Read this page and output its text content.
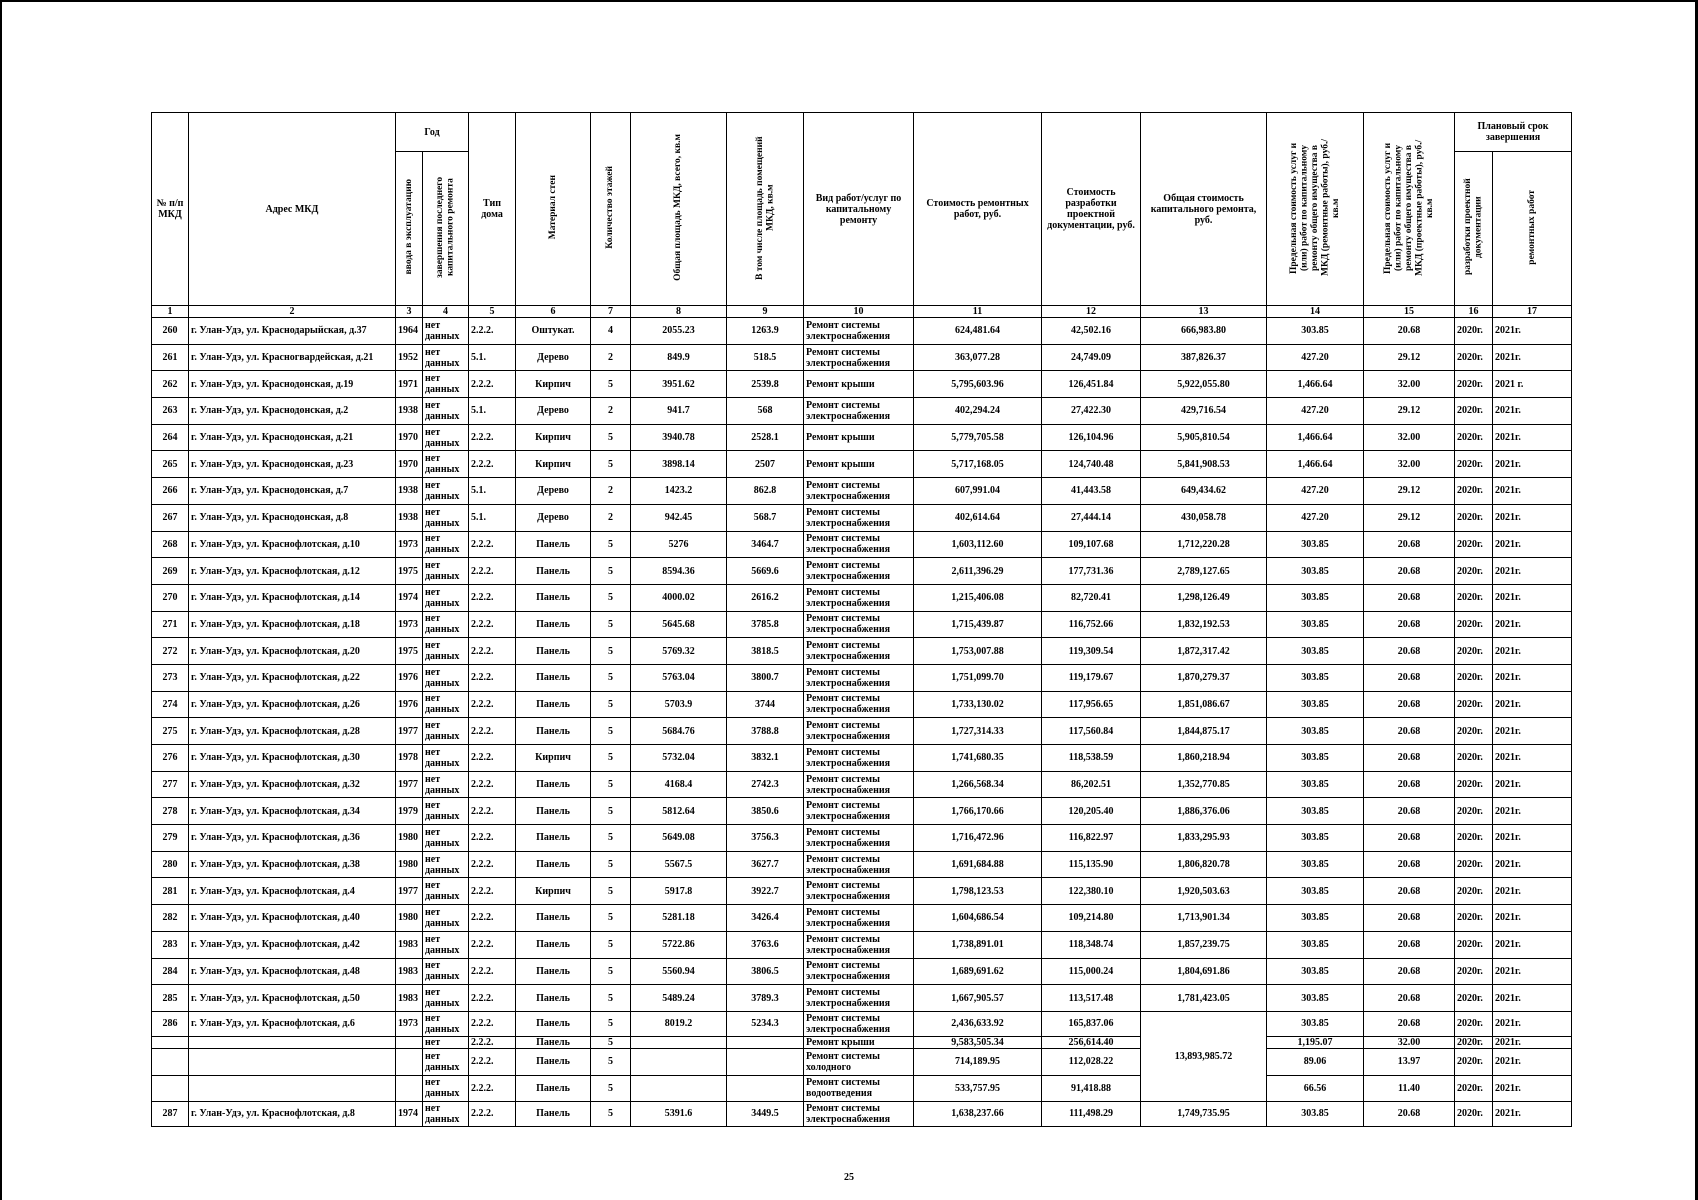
№ п/п МКД	Адрес МКД	Год		Тип дома	Материал стен	Количество этажей	Общая площадь МКД, всего, кв.м	В том числе площадь помещений МКД, кв.м	Вид работ/услуг по капитальному ремонту	Стоимость ремонтных работ, руб.	Стоимость разработки проектной документации, руб.	Общая стоимость капитального ремонта, руб.	Предельная стоимость услуг и (или) работ по капитальному ремонту общего имущества в МКД (ремонтные работы), руб./кв.м	Предельная стоимость услуг и (или) работ по капитальному ремонту общего имущества в МКД (проектные работы), руб./кв.м	Плановый срок завершения	
		ввода в эксплуатацию	завершения последнего капитального ремонта												разработки проектной документации	ремонтных работ
1	2	3	4	5	6	7	8	9	10	11	12	13	14	15	16	17
260	г. Улан-Удэ, ул. Краснодарыйская, д.37	1964	нет данных	2.2.2.	Оштукат.	4	2055.23	1263.9	Ремонт системы электроснабжения	624,481.64	42,502.16	666,983.80	303.85	20.68	2020г.	2021г.
261	г. Улан-Удэ, ул. Красногвардейская, д.21	1952	нет данных	5.1.	Дерево	2	849.9	518.5	Ремонт системы электроснабжения	363,077.28	24,749.09	387,826.37	427.20	29.12	2020г.	2021г.
262	г. Улан-Удэ, ул. Краснодонская, д.19	1971	нет данных	2.2.2.	Кирпич	5	3951.62	2539.8	Ремонт крыши	5,795,603.96	126,451.84	5,922,055.80	1,466.64	32.00	2020г.	2021 г.
263	г. Улан-Удэ, ул. Краснодонская, д.2	1938	нет данных	5.1.	Дерево	2	941.7	568	Ремонт системы электроснабжения	402,294.24	27,422.30	429,716.54	427.20	29.12	2020г.	2021г.
264	г. Улан-Удэ, ул. Краснодонская, д.21	1970	нет данных	2.2.2.	Кирпич	5	3940.78	2528.1	Ремонт крыши	5,779,705.58	126,104.96	5,905,810.54	1,466.64	32.00	2020г.	2021г.
265	г. Улан-Удэ, ул. Краснодонская, д.23	1970	нет данных	2.2.2.	Кирпич	5	3898.14	2507	Ремонт крыши	5,717,168.05	124,740.48	5,841,908.53	1,466.64	32.00	2020г.	2021г.
266	г. Улан-Удэ, ул. Краснодонская, д.7	1938	нет данных	5.1.	Дерево	2	1423.2	862.8	Ремонт системы электроснабжения	607,991.04	41,443.58	649,434.62	427.20	29.12	2020г.	2021г.
267	г. Улан-Удэ, ул. Краснодонская, д.8	1938	нет данных	5.1.	Дерево	2	942.45	568.7	Ремонт системы электроснабжения	402,614.64	27,444.14	430,058.78	427.20	29.12	2020г.	2021г.
268	г. Улан-Удэ, ул. Краснофлотская, д.10	1973	нет данных	2.2.2.	Панель	5	5276	3464.7	Ремонт системы электроснабжения	1,603,112.60	109,107.68	1,712,220.28	303.85	20.68	2020г.	2021г.
269	г. Улан-Удэ, ул. Краснофлотская, д.12	1975	нет данных	2.2.2.	Панель	5	8594.36	5669.6	Ремонт системы электроснабжения	2,611,396.29	177,731.36	2,789,127.65	303.85	20.68	2020г.	2021г.
270	г. Улан-Удэ, ул. Краснофлотская, д.14	1974	нет данных	2.2.2.	Панель	5	4000.02	2616.2	Ремонт системы электроснабжения	1,215,406.08	82,720.41	1,298,126.49	303.85	20.68	2020г.	2021г.
271	г. Улан-Удэ, ул. Краснофлотская, д.18	1973	нет данных	2.2.2.	Панель	5	5645.68	3785.8	Ремонт системы электроснабжения	1,715,439.87	116,752.66	1,832,192.53	303.85	20.68	2020г.	2021г.
272	г. Улан-Удэ, ул. Краснофлотская, д.20	1975	нет данных	2.2.2.	Панель	5	5769.32	3818.5	Ремонт системы электроснабжения	1,753,007.88	119,309.54	1,872,317.42	303.85	20.68	2020г.	2021г.
273	г. Улан-Удэ, ул. Краснофлотская, д.22	1976	нет данных	2.2.2.	Панель	5	5763.04	3800.7	Ремонт системы электроснабжения	1,751,099.70	119,179.67	1,870,279.37	303.85	20.68	2020г.	2021г.
274	г. Улан-Удэ, ул. Краснофлотская, д.26	1976	нет данных	2.2.2.	Панель	5	5703.9	3744	Ремонт системы электроснабжения	1,733,130.02	117,956.65	1,851,086.67	303.85	20.68	2020г.	2021г.
275	г. Улан-Удэ, ул. Краснофлотская, д.28	1977	нет данных	2.2.2.	Панель	5	5684.76	3788.8	Ремонт системы электроснабжения	1,727,314.33	117,560.84	1,844,875.17	303.85	20.68	2020г.	2021г.
276	г. Улан-Удэ, ул. Краснофлотская, д.30	1978	нет данных	2.2.2.	Кирпич	5	5732.04	3832.1	Ремонт системы электроснабжения	1,741,680.35	118,538.59	1,860,218.94	303.85	20.68	2020г.	2021г.
277	г. Улан-Удэ, ул. Краснофлотская, д.32	1977	нет данных	2.2.2.	Панель	5	4168.4	2742.3	Ремонт системы электроснабжения	1,266,568.34	86,202.51	1,352,770.85	303.85	20.68	2020г.	2021г.
278	г. Улан-Удэ, ул. Краснофлотская, д.34	1979	нет данных	2.2.2.	Панель	5	5812.64	3850.6	Ремонт системы электроснабжения	1,766,170.66	120,205.40	1,886,376.06	303.85	20.68	2020г.	2021г.
279	г. Улан-Удэ, ул. Краснофлотская, д.36	1980	нет данных	2.2.2.	Панель	5	5649.08	3756.3	Ремонт системы электроснабжения	1,716,472.96	116,822.97	1,833,295.93	303.85	20.68	2020г.	2021г.
280	г. Улан-Удэ, ул. Краснофлотская, д.38	1980	нет данных	2.2.2.	Панель	5	5567.5	3627.7	Ремонт системы электроснабжения	1,691,684.88	115,135.90	1,806,820.78	303.85	20.68	2020г.	2021г.
281	г. Улан-Удэ, ул. Краснофлотская, д.4	1977	нет данных	2.2.2.	Кирпич	5	5917.8	3922.7	Ремонт системы электроснабжения	1,798,123.53	122,380.10	1,920,503.63	303.85	20.68	2020г.	2021г.
282	г. Улан-Удэ, ул. Краснофлотская, д.40	1980	нет данных	2.2.2.	Панель	5	5281.18	3426.4	Ремонт системы электроснабжения	1,604,686.54	109,214.80	1,713,901.34	303.85	20.68	2020г.	2021г.
283	г. Улан-Удэ, ул. Краснофлотская, д.42	1983	нет данных	2.2.2.	Панель	5	5722.86	3763.6	Ремонт системы электроснабжения	1,738,891.01	118,348.74	1,857,239.75	303.85	20.68	2020г.	2021г.
284	г. Улан-Удэ, ул. Краснофлотская, д.48	1983	нет данных	2.2.2.	Панель	5	5560.94	3806.5	Ремонт системы электроснабжения	1,689,691.62	115,000.24	1,804,691.86	303.85	20.68	2020г.	2021г.
285	г. Улан-Удэ, ул. Краснофлотская, д.50	1983	нет данных	2.2.2.	Панель	5	5489.24	3789.3	Ремонт системы электроснабжения	1,667,905.57	113,517.48	1,781,423.05	303.85	20.68	2020г.	2021г.
286	г. Улан-Удэ, ул. Краснофлотская, д.6	1973	нет данных	2.2.2.	Панель	5	8019.2	5234.3	Ремонт системы электроснабжения	2,436,633.92	165,837.06	13,893,985.72	303.85	20.68	2020г.	2021г.
			нет	2.2.2.	Панель	5			Ремонт крыши	9,583,505.34	256,614.40		1,195.07	32.00	2020г.	2021г.
			нет данных	2.2.2.	Панель	5			Ремонт системы холодного	714,189.95	112,028.22		89.06	13.97	2020г.	2021г.
			нет данных	2.2.2.	Панель	5			Ремонт системы водоотведения	533,757.95	91,418.88		66.56	11.40	2020г.	2021г.
287	г. Улан-Удэ, ул. Краснофлотская, д.8	1974	нет данных	2.2.2.	Панель	5	5391.6	3449.5	Ремонт системы электроснабжения	1,638,237.66	111,498.29	1,749,735.95	303.85	20.68	2020г.	2021г.
25
